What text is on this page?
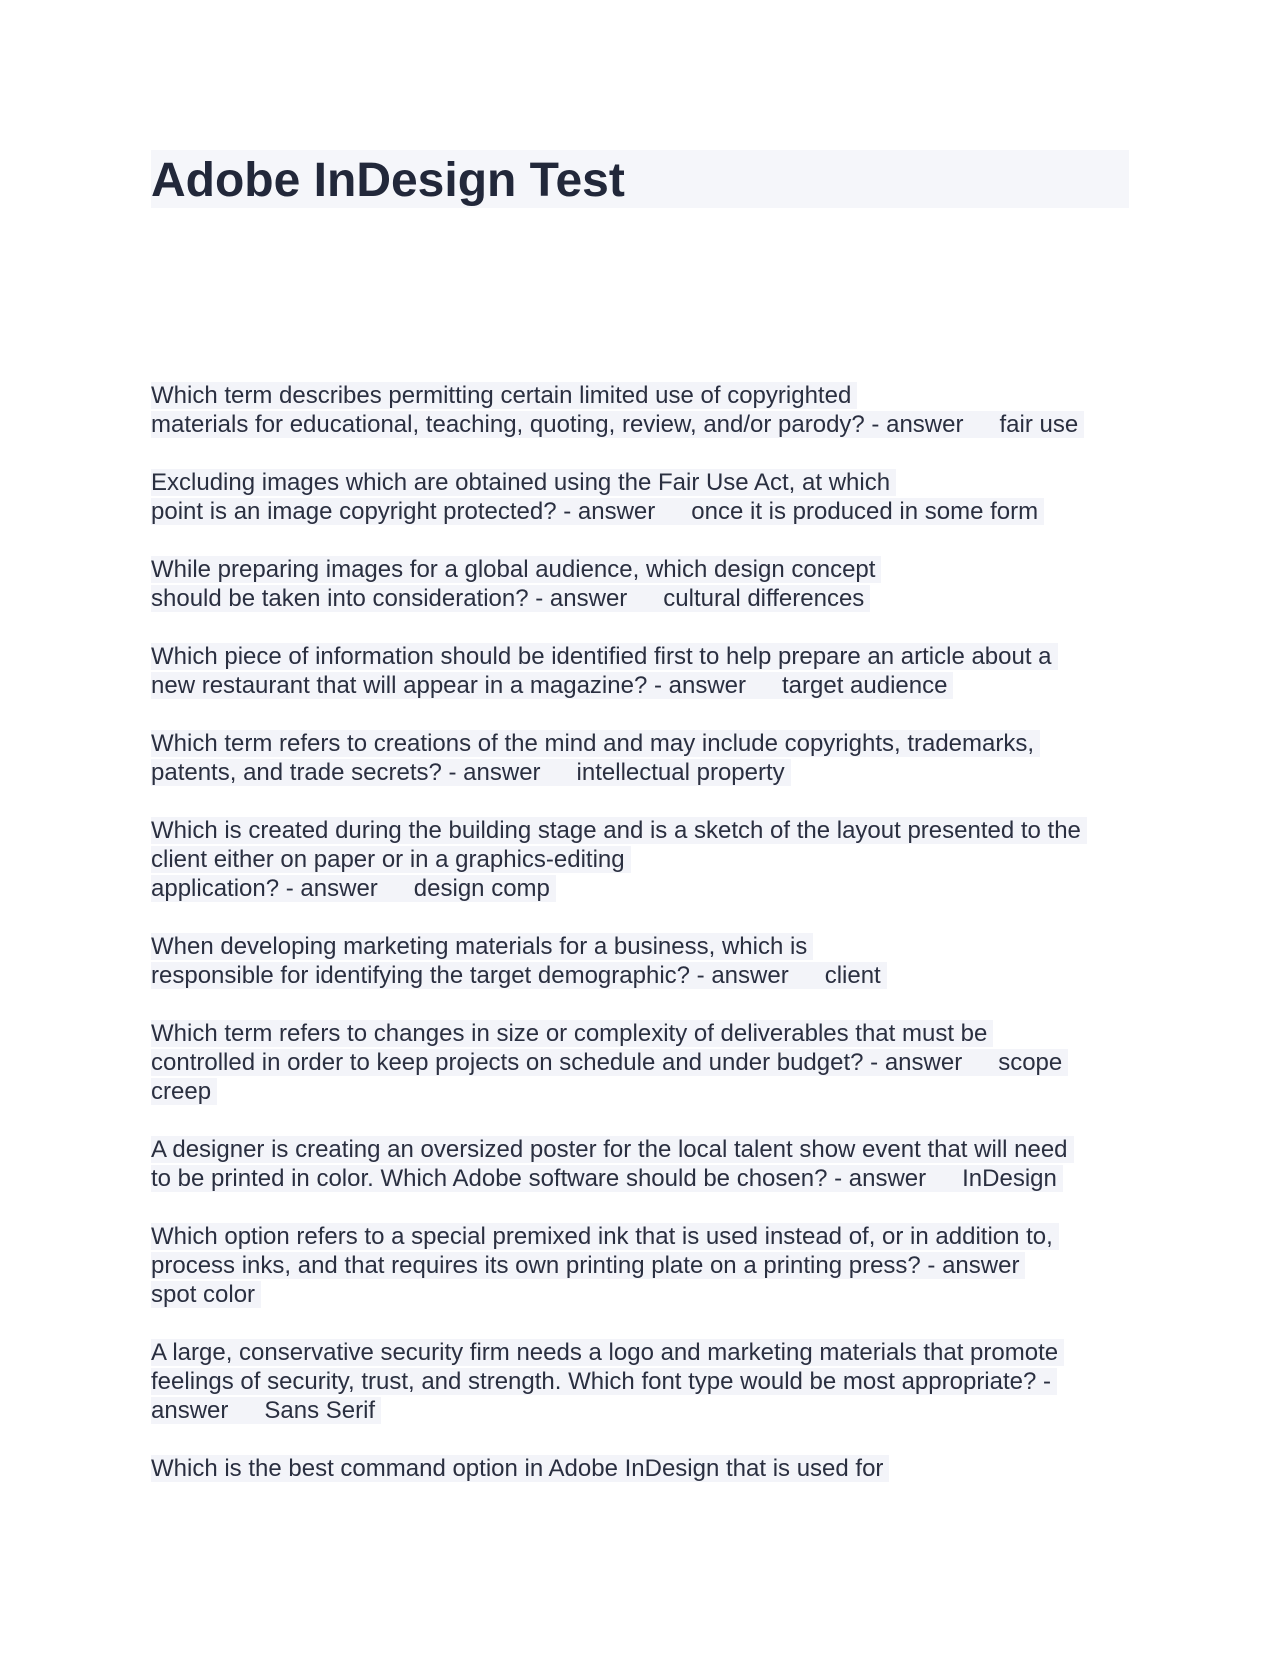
Adobe InDesign Test
Which term describes permitting certain limited use of copyrighted
materials for educational, teaching, quoting, review, and/or parody? - answer fair use
Excluding images which are obtained using the Fair Use Act, at which
point is an image copyright protected? - answer once it is produced in some form
While preparing images for a global audience, which design concept
should be taken into consideration? - answer cultural differences
Which piece of information should be identified first to help prepare an article about a
new restaurant that will appear in a magazine? - answer target audience
Which term refers to creations of the mind and may include copyrights, trademarks,
patents, and trade secrets? - answer intellectual property
Which is created during the building stage and is a sketch of the layout presented to the
client either on paper or in a graphics-editing
application? - answer design comp
When developing marketing materials for a business, which is
responsible for identifying the target demographic? - answer client
Which term refers to changes in size or complexity of deliverables that must be
controlled in order to keep projects on schedule and under budget? - answer scope
creep
A designer is creating an oversized poster for the local talent show event that will need
to be printed in color. Which Adobe software should be chosen? - answer InDesign
Which option refers to a special premixed ink that is used instead of, or in addition to,
process inks, and that requires its own printing plate on a printing press? - answer
spot color
A large, conservative security firm needs a logo and marketing materials that promote
feelings of security, trust, and strength. Which font type would be most appropriate? -
answer Sans Serif
Which is the best command option in Adobe InDesign that is used for
